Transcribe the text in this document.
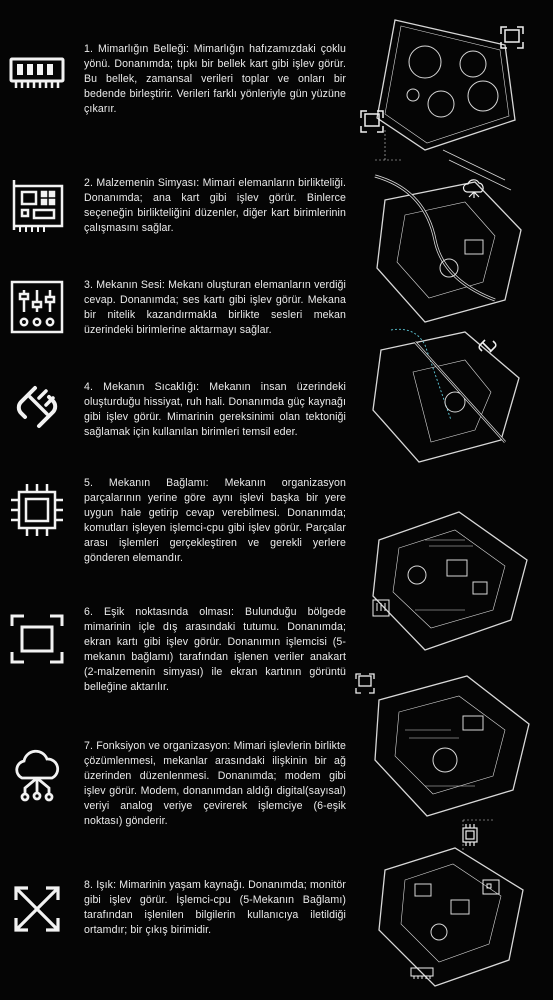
1. Mimarlığın Belleği: Mimarlığın hafızamızdaki çoklu yönü. Donanımda; tıpkı bir bellek kart gibi işlev görür. Bu bellek, zamansal verileri toplar ve onları bir bedende birleştirir. Verileri farklı yönleriyle gün yüzüne çıkarır.

2. Malzemenin Simyası: Mimari elemanların birlikteliği. Donanımda; ana kart gibi işlev görür. Binlerce seçeneğin birlikteliğini düzenler, diğer kart birimlerinin çalışmasını sağlar.

3. Mekanın Sesi: Mekanı oluşturan elemanların verdiği cevap. Donanımda; ses kartı gibi işlev görür. Mekana bir nitelik kazandırmakla birlikte sesleri mekan üzerindeki birimlerine aktarmayı sağlar.

4. Mekanın Sıcaklığı: Mekanın insan üzerindeki oluşturduğu hissiyat, ruh hali. Donanımda güç kaynağı gibi işlev görür. Mimarinin gereksinimi olan tektoniği sağlamak için kullanılan birimleri temsil eder.

5. Mekanın Bağlamı: Mekanın organizasyon parçalarının yerine göre aynı işlevi başka bir yere uygun hale getirip cevap verebilmesi. Donanımda; komutları işleyen işlemci-cpu gibi işlev görür. Parçalar arası işlemleri gerçekleştiren ve gerekli yerlere gönderen elemandır.

6. Eşik noktasında olması: Bulunduğu bölgede mimarinin içle dış arasındaki tutumu. Donanımda; ekran kartı gibi işlev görür. Donanımın işlemcisi (5-mekanın bağlamı) tarafından işlenen veriler anakart (2-malzemenin simyası) ile ekran kartının görüntü belleğine aktarılır.

7. Fonksiyon ve organizasyon: Mimari işlevlerin birlikte çözümlenmesi, mekanlar arasındaki ilişkinin bir ağ üzerinden düzenlenmesi. Donanımda; modem gibi işlev görür. Modem, donanımdan aldığı digital(sayısal) veriyi analog veriye çevirerek işlemciye (6-eşik noktası) gönderir.

8. Işık: Mimarinin yaşam kaynağı. Donanımda; monitör gibi işlev görür. İşlemci-cpu (5-Mekanın Bağlamı) tarafından işlenilen bilgilerin kullanıcıya iletildiği ortamdır; bir çıkış birimidir.
